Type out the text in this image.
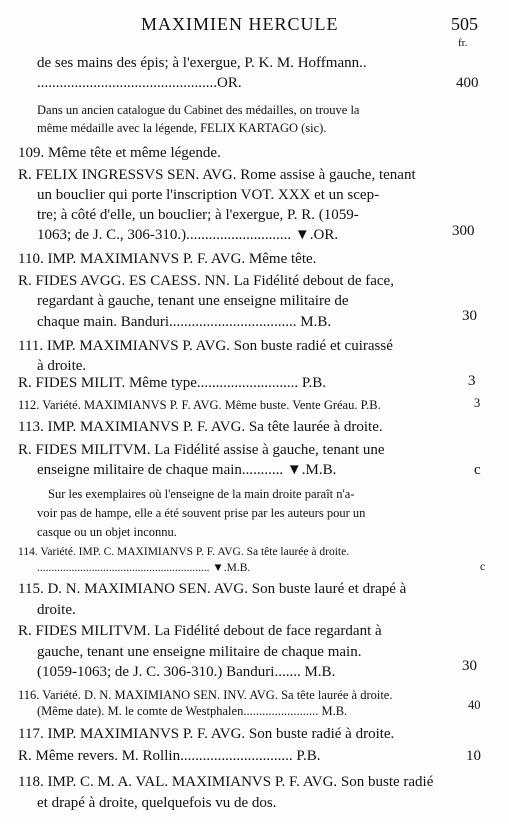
MAXIMIEN HERCULE	505
fr.
de ses mains des épis; à l'exergue, P. K. M. Hoffmann..
................................................OR.	400
Dans un ancien catalogue du Cabinet des médailles, on trouve la
même médaille avec la légende, FELIX KARTAGO (sic).
109. Même tête et même légende.
R. FELIX INGRESSVS SEN. AVG. Rome assise à gauche, tenant
un bouclier qui porte l'inscription VOT. XXX et un scep-
tre; à côté d'elle, un bouclier; à l'exergue, P. R. (1059-
1063; de J. C., 306-310.)............................ ▼.OR.	300
110. IMP. MAXIMIANVS P. F. AVG. Même tête.
R. FIDES AVGG. ES CAESS. NN. La Fidélité debout de face,
regardant à gauche, tenant une enseigne militaire de
chaque main. Banduri.................................. M.B.	30
111. IMP. MAXIMIANVS P. AVG. Son buste radié et cuirassé
à droite.
R. FIDES MILIT. Même type........................... P.B.	3
112. Variété. MAXIMIANVS P. F. AVG. Même buste. Vente Gréau. P.B.	3
113. IMP. MAXIMIANVS P. F. AVG. Sa tête laurée à droite.
R. FIDES MILITVM. La Fidélité assise à gauche, tenant une
enseigne militaire de chaque main........... ▼.M.B.	c
Sur les exemplaires où l'enseigne de la main droite paraît n'a-
voir pas de hampe, elle a été souvent prise par les auteurs pour un
casque ou un objet inconnu.
114. Variété. IMP. C. MAXIMIANVS P. F. AVG. Sa tête laurée à droite.
............................................................ ▼.M.B.	c
115. D. N. MAXIMIANO SEN. AVG. Son buste lauré et drapé à
droite.
R. FIDES MILITVM. La Fidélité debout de face regardant à
gauche, tenant une enseigne militaire de chaque main.
(1059-1063; de J. C. 306-310.) Banduri....... M.B.	30
116. Variété. D. N. MAXIMIANO SEN. INV. AVG. Sa tête laurée à droite.
(Même date). M. le comte de Westphalen........................ M.B.	40
117. IMP. MAXIMIANVS P. F. AVG. Son buste radié à droite.
R. Même revers. M. Rollin.............................. P.B.	10
118. IMP. C. M. A. VAL. MAXIMIANVS P. F. AVG. Son buste radié
et drapé à droite, quelquefois vu de dos.
